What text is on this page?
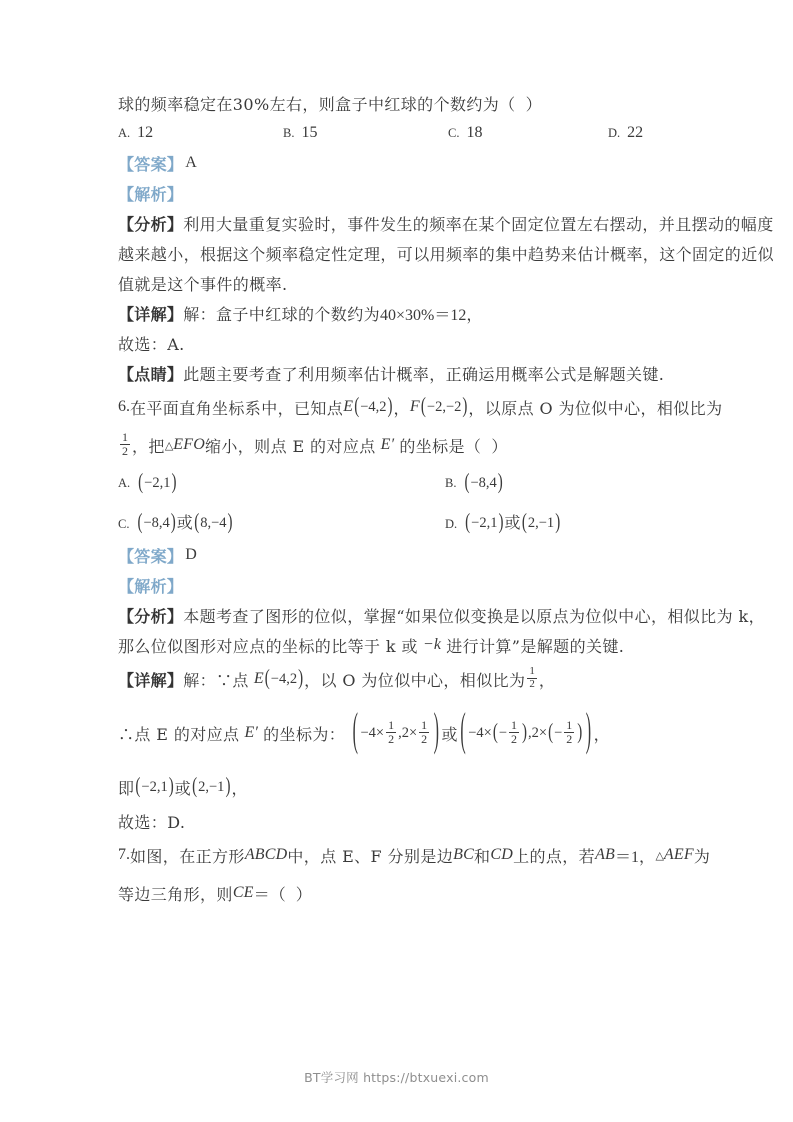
球的频率稳定在30%左右，则盒子中红球的个数约为（ ）
A. 12	B. 15	C. 18	D. 22
【答案】 A
【解析】
【分析】 利用大量重复实验时，事件发生的频率在某个固定位置左右摆动，并且摆动的幅度
越来越小，根据这个频率稳定性定理，可以用频率的集中趋势来估计概率，这个固定的近似
值就是这个事件的概率.
【详解】 解：盒子中红球的个数约为 40×30%＝12 ，
故选：A.
【点睛】 此题主要考查了利用频率估计概率，正确运用概率公式是解题关键.
6. 在平面直角坐标系中，已知点 E ( −4,2 ) ， F ( −2,−2 ) ，以原点 O 为位似中心，相似比为
$\frac{1}{2}$ ，把 △ EFO 缩小，则点 E 的对应点 E′ 的坐标是（ ）
A. ( −2,1 )	B. ( −8,4 )
C. ( −8,4 ) 或 ( 8,−4 )	D. ( −2,1 ) 或 ( 2,−1 )
【答案】 D
【解析】
【分析】 本题考查了图形的位似，掌握“如果位似变换是以原点为位似中心，相似比为 k，
那么位似图形对应点的坐标的比等于 k 或 −k 进行计算”是解题的关键.
【详解】 解：∵点 E ( −4,2 ) ，以 O 为位似中心，相似比为 $\frac{1}{2}$ ，
∴点 E 的对应点 E′ 的坐标为： ( $-4\times \frac{1}{2} ,2\times \frac{1}{2}$ ) 或 ( −4× ( − $\frac{1}{2}$ ) ,2× ( − $\frac{1}{2}$ ) ) ，
即 ( −2,1 ) 或 ( 2,−1 ) ，
故选：D.
7. 如图，在正方形 ABCD 中，点 E、F 分别是边 BC 和 CD 上的点，若 AB ＝1 ， △ AEF 为
等边三角形，则 CE ＝ （ ）
BT学习网 https://btxuexi.com
